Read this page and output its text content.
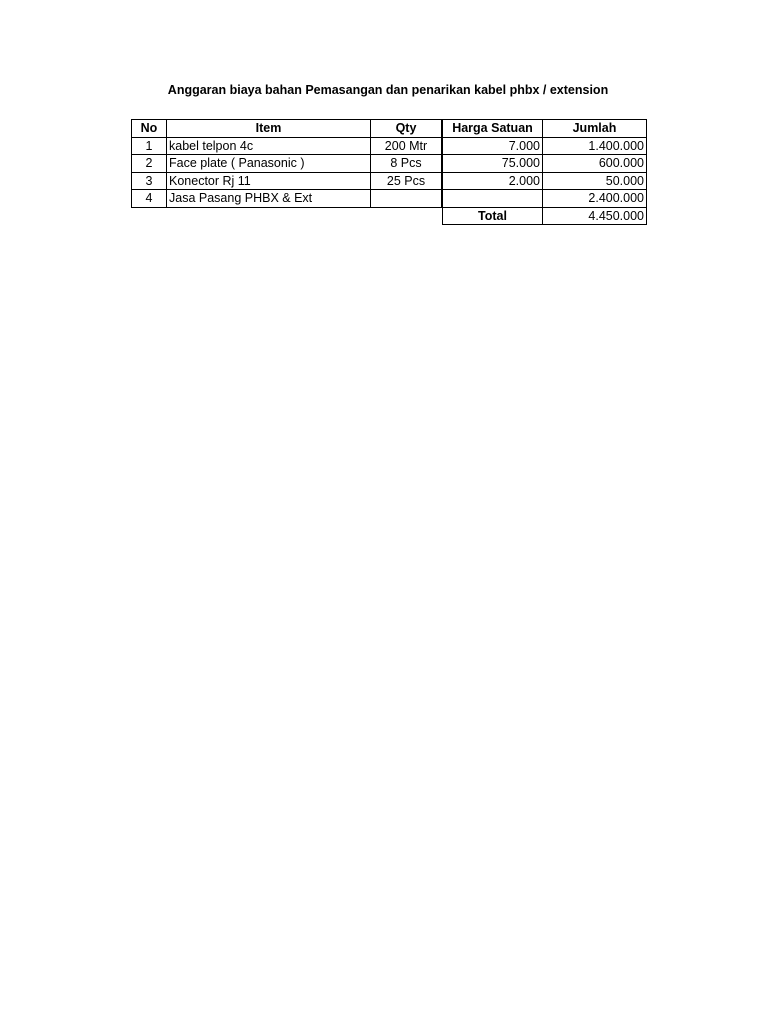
Anggaran biaya bahan Pemasangan dan penarikan kabel phbx / extension
No	Item	Qty		Harga Satuan	Jumlah
1	kabel telpon 4c	200 Mtr		7.000	1.400.000
2	Face plate ( Panasonic )	8 Pcs		75.000	600.000
3	Konector Rj 11	25 Pcs		2.000	50.000
4	Jasa Pasang PHBX & Ext				2.400.000
				Total	4.450.000
